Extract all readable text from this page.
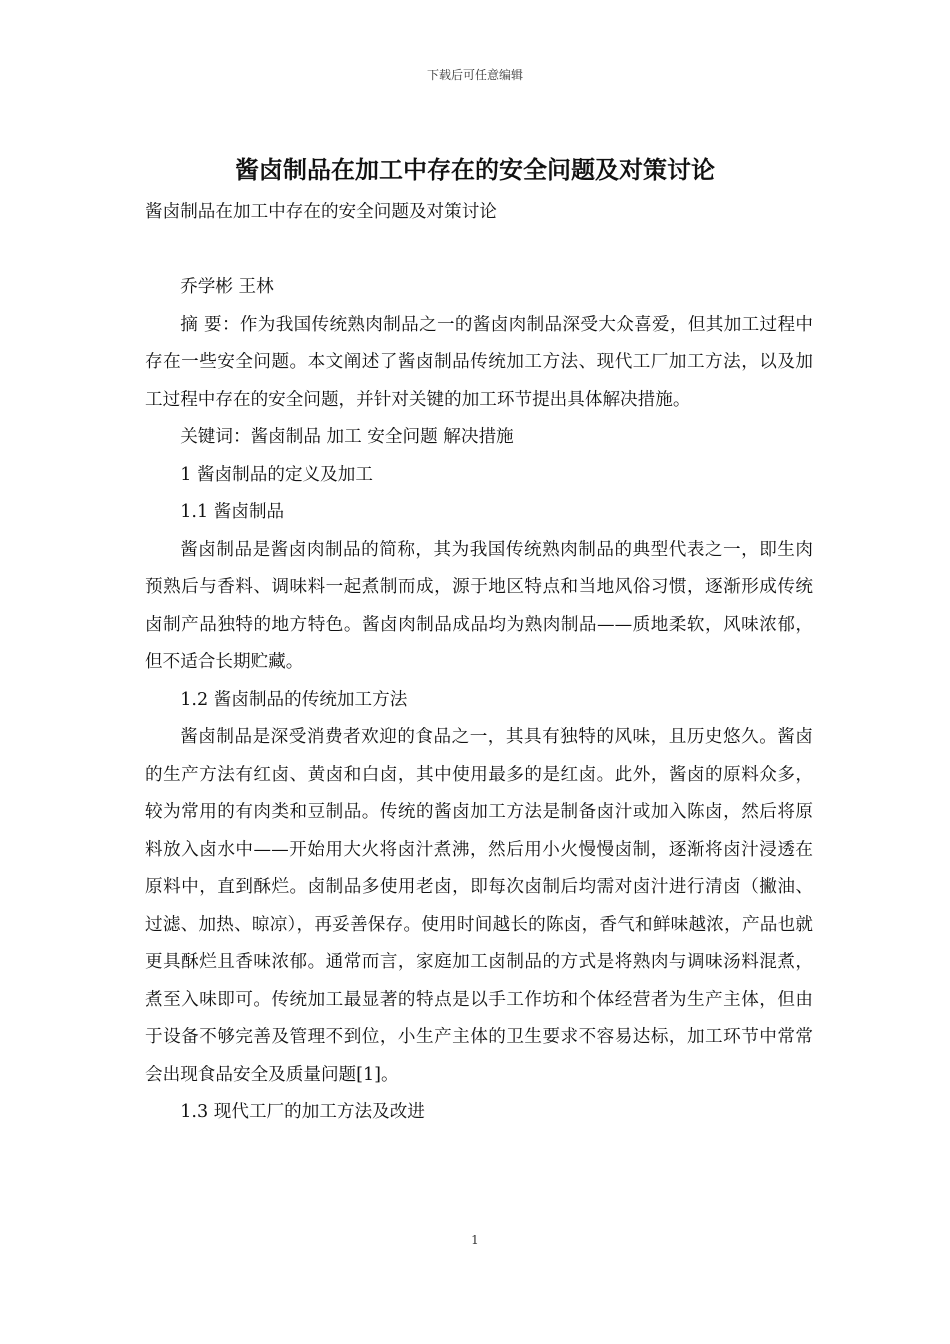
下载后可任意编辑
酱卤制品在加工中存在的安全问题及对策讨论

酱卤制品在加工中存在的安全问题及对策讨论

乔学彬 王林

摘 要：作为我国传统熟肉制品之一的酱卤肉制品深受大众喜爱，但其加工过程中存在一些安全问题。本文阐述了酱卤制品传统加工方法、现代工厂加工方法，以及加工过程中存在的安全问题，并针对关键的加工环节提出具体解决措施。

关键词：酱卤制品 加工 安全问题 解决措施

1 酱卤制品的定义及加工

1.1 酱卤制品

酱卤制品是酱卤肉制品的简称，其为我国传统熟肉制品的典型代表之一，即生肉预熟后与香料、调味料一起煮制而成，源于地区特点和当地风俗习惯，逐渐形成传统卤制产品独特的地方特色。酱卤肉制品成品均为熟肉制品——质地柔软，风味浓郁，但不适合长期贮藏。

1.2 酱卤制品的传统加工方法

酱卤制品是深受消费者欢迎的食品之一，其具有独特的风味，且历史悠久。酱卤的生产方法有红卤、黄卤和白卤，其中使用最多的是红卤。此外，酱卤的原料众多，较为常用的有肉类和豆制品。传统的酱卤加工方法是制备卤汁或加入陈卤，然后将原料放入卤水中——开始用大火将卤汁煮沸，然后用小火慢慢卤制，逐渐将卤汁浸透在原料中，直到酥烂。卤制品多使用老卤，即每次卤制后均需对卤汁进行清卤（撇油、过滤、加热、晾凉），再妥善保存。使用时间越长的陈卤，香气和鲜味越浓，产品也就更具酥烂且香味浓郁。通常而言，家庭加工卤制品的方式是将熟肉与调味汤料混煮，煮至入味即可。传统加工最显著的特点是以手工作坊和个体经营者为生产主体，但由于设备不够完善及管理不到位，小生产主体的卫生要求不容易达标，加工环节中常常会出现食品安全及质量问题[1]。

1.3 现代工厂的加工方法及改进

1
